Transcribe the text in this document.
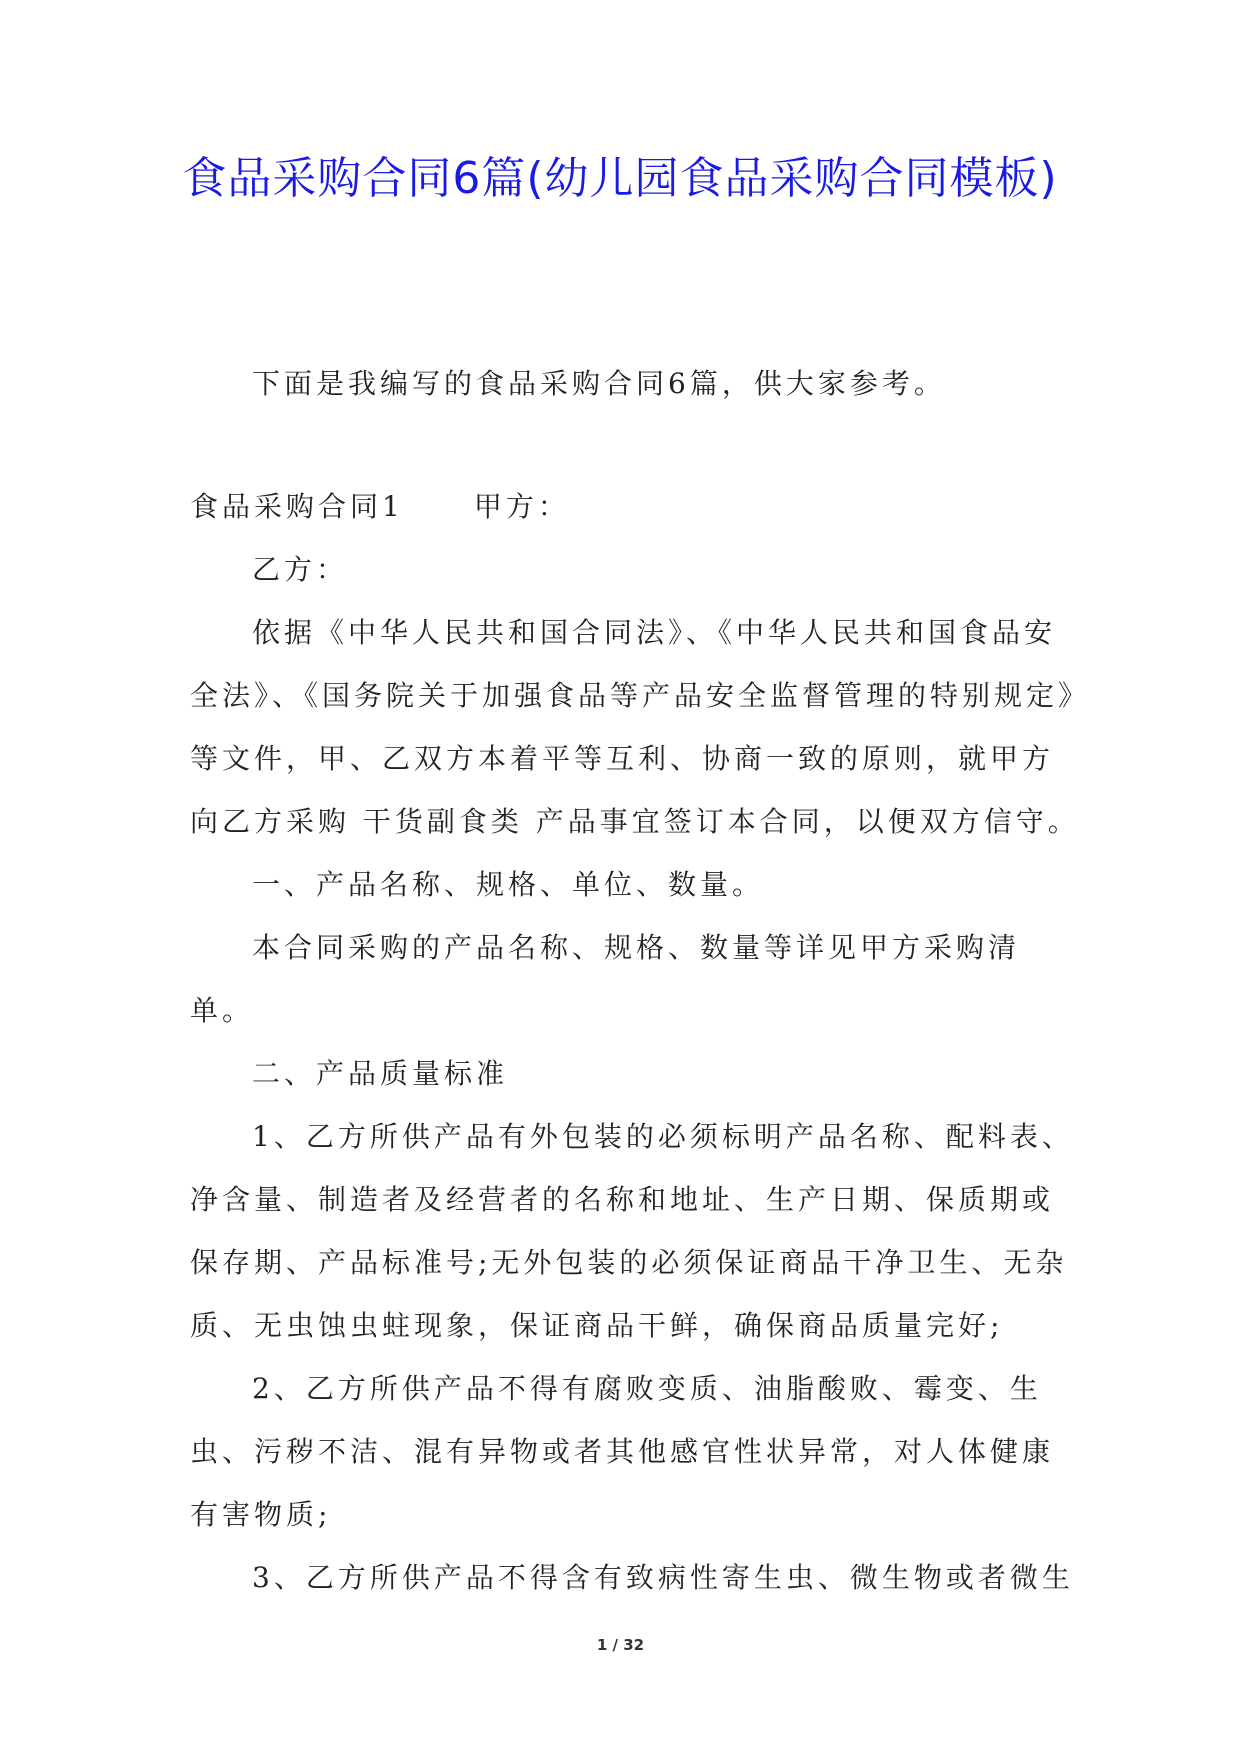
食品采购合同6篇(幼儿园食品采购合同模板)

下面是我编写的食品采购合同6篇，供大家参考。

食品采购合同1	甲方：

乙方：

依据《中华人民共和国合同法》、《中华人民共和国食品安全法》、《国务院关于加强食品等产品安全监督管理的特别规定》等文件，甲、乙双方本着平等互利、协商一致的原则，就甲方向乙方采购 干货副食类 产品事宜签订本合同，以便双方信守。

一、产品名称、规格、单位、数量。

本合同采购的产品名称、规格、数量等详见甲方采购清单。

二、产品质量标准

1、乙方所供产品有外包装的必须标明产品名称、配料表、净含量、制造者及经营者的名称和地址、生产日期、保质期或保存期、产品标准号;无外包装的必须保证商品干净卫生、无杂质、无虫蚀虫蛀现象，保证商品干鲜，确保商品质量完好;

2、乙方所供产品不得有腐败变质、油脂酸败、霉变、生虫、污秽不洁、混有异物或者其他感官性状异常，对人体健康有害物质;

3、乙方所供产品不得含有致病性寄生虫、微生物或者微生

1 / 32
